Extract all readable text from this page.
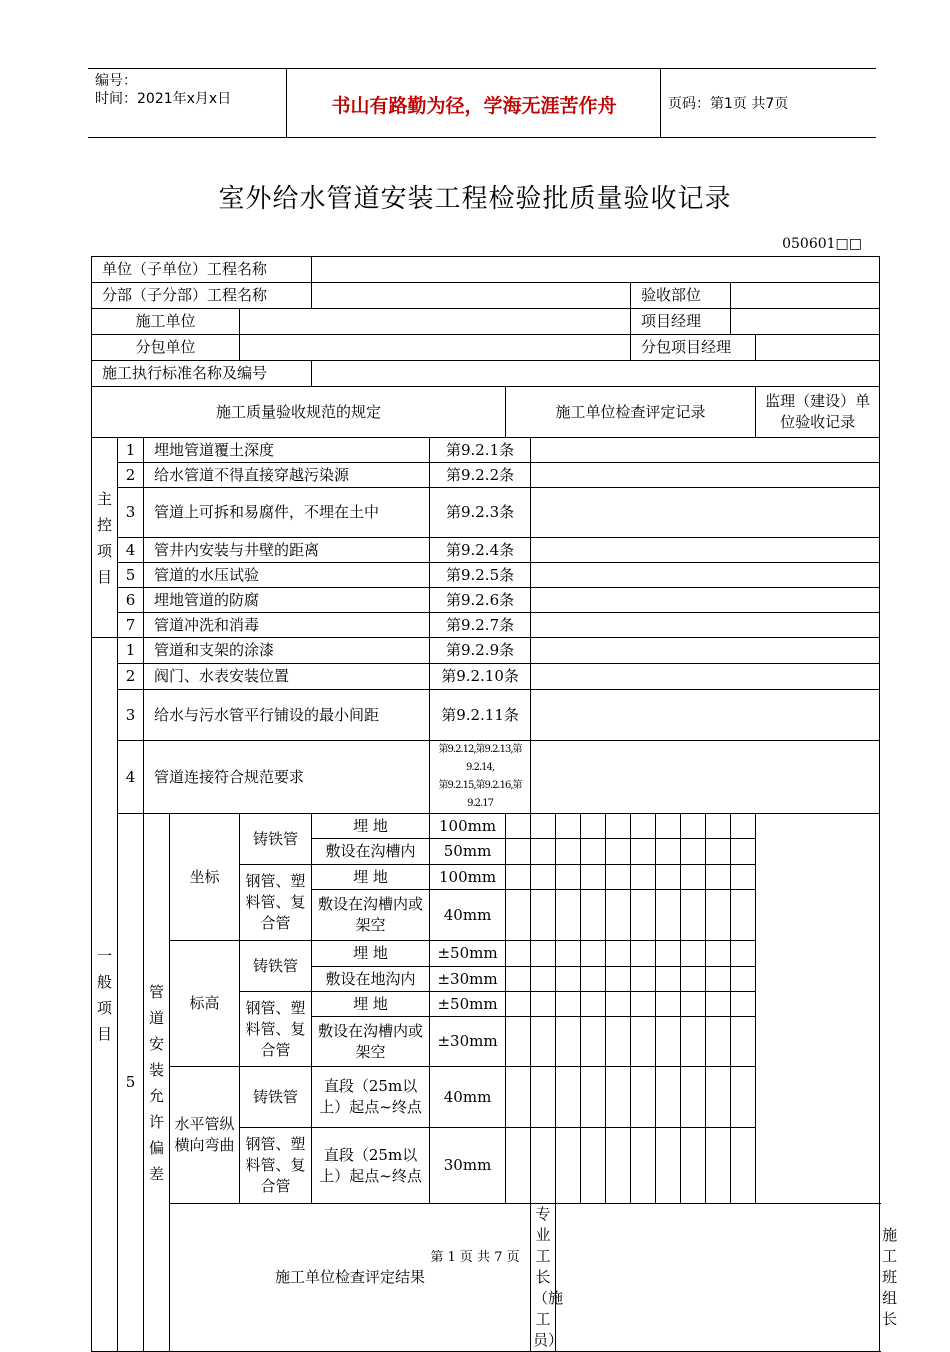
编号：
时间：2021年x月x日	书山有路勤为径，学海无涯苦作舟	页码：第1页 共7页
室外给水管道安装工程检验批质量验收记录
050601□□
单位（子单位）工程名称																		
分部（子分部）工程名称												验收部位						
施工单位												项目经理						
分包单位												分包项目经理						
施工执行标准名称及编号																		
施工质量验收规范的规定							施工单位检查评定记录										监理（建设）单位验收记录	
主控项目	1	埋地管道覆土深度				第9.2.1条												
	2	给水管道不得直接穿越污染源				第9.2.2条												
	3	管道上可拆和易腐件，不埋在土中				第9.2.3条												
	4	管井内安装与井壁的距离				第9.2.4条												
	5	管道的水压试验				第9.2.5条												
	6	埋地管道的防腐				第9.2.6条												
	7	管道冲洗和消毒				第9.2.7条												
一般项目	1	管道和支架的涂漆				第9.2.9条												
	2	阀门、水表安装位置				第9.2.10条												
	3	给水与污水管平行铺设的最小间距				第9.2.11条												
	4	管道连接符合规范要求				第9.2.12,第9.2.13,第9.2.14,
第9.2.15,第9.2.16,第9.2.17												

	5	管道安装允许偏差	坐标	铸铁管	埋 地	100mm												
					敷设在沟槽内	50mm												
				钢管、塑料管、复合管	埋 地	100mm												
					敷设在沟槽内或架空	40mm												
			标高	铸铁管	埋 地	±50mm												
					敷设在地沟内	±30mm												
				钢管、塑料管、复合管	埋 地	±50mm												
					敷设在沟槽内或架空	±30mm												
			水平管纵横向弯曲	铸铁管	直段（25m以上）起点~终点	40mm												
				钢管、塑料管、复合管	直段（25m以上）起点~终点	30mm												
			施工单位检查评定结果					专业工长（施工员）										施工班组长	
第 1 页 共 7 页
